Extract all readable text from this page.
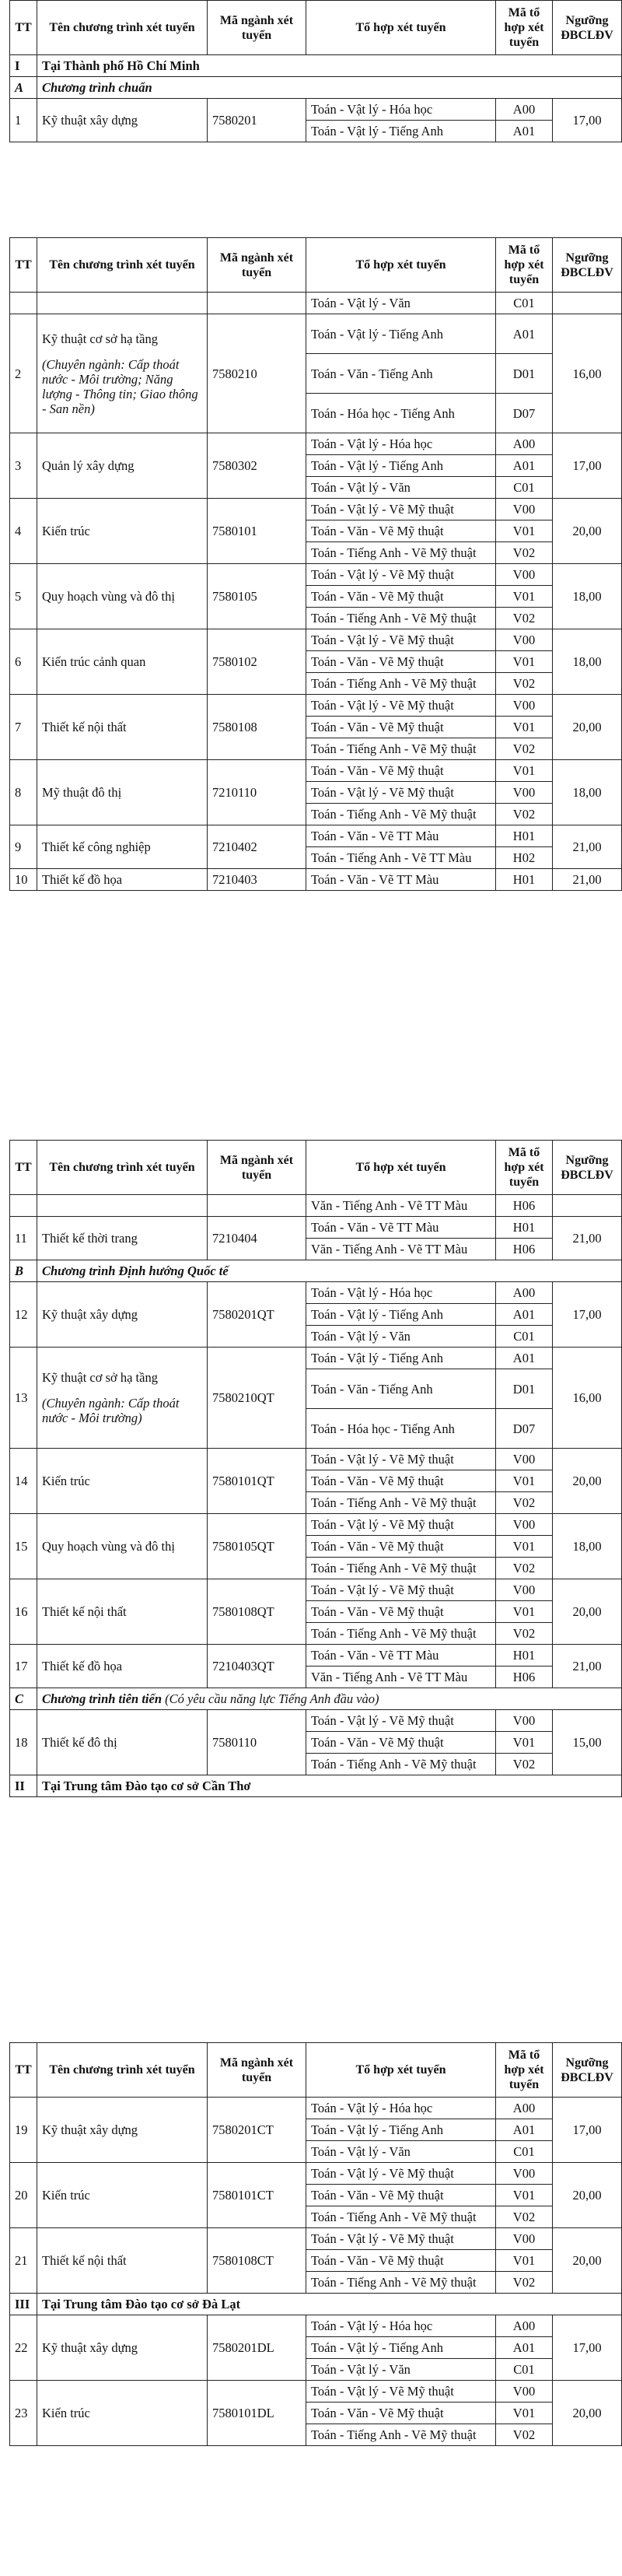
TT	Tên chương trình xét tuyển	Mã ngành xét tuyển	Tổ hợp xét tuyển	Mã tổ hợp xét tuyển	Ngưỡng ĐBCLĐV
I	Tại Thành phố Hồ Chí Minh				
A	Chương trình chuẩn				
1	Kỹ thuật xây dựng	7580201	Toán - Vật lý - Hóa học	A00	17,00
			Toán - Vật lý - Tiếng Anh	A01	
TT	Tên chương trình xét tuyển	Mã ngành xét tuyển	Tổ hợp xét tuyển	Mã tổ hợp xét tuyển	Ngưỡng ĐBCLĐV
			Toán - Vật lý - Văn	C01	
2	Kỹ thuật cơ sở hạ tầng
(Chuyên ngành: Cấp thoát nước - Môi trường; Năng lượng - Thông tin; Giao thông - San nền)	7580210	Toán - Vật lý - Tiếng Anh	A01	16,00
			Toán - Văn - Tiếng Anh	D01	
			Toán - Hóa học - Tiếng Anh	D07	
3	Quản lý xây dựng	7580302	Toán - Vật lý - Hóa học	A00	17,00
			Toán - Vật lý - Tiếng Anh	A01	
			Toán - Vật lý - Văn	C01	
4	Kiến trúc	7580101	Toán - Vật lý - Vẽ Mỹ thuật	V00	20,00
			Toán - Văn - Vẽ Mỹ thuật	V01	
			Toán - Tiếng Anh - Vẽ Mỹ thuật	V02	
5	Quy hoạch vùng và đô thị	7580105	Toán - Vật lý - Vẽ Mỹ thuật	V00	18,00
			Toán - Văn - Vẽ Mỹ thuật	V01	
			Toán - Tiếng Anh - Vẽ Mỹ thuật	V02	
6	Kiến trúc cảnh quan	7580102	Toán - Vật lý - Vẽ Mỹ thuật	V00	18,00
			Toán - Văn - Vẽ Mỹ thuật	V01	
			Toán - Tiếng Anh - Vẽ Mỹ thuật	V02	
7	Thiết kế nội thất	7580108	Toán - Vật lý - Vẽ Mỹ thuật	V00	20,00
			Toán - Văn - Vẽ Mỹ thuật	V01	
			Toán - Tiếng Anh - Vẽ Mỹ thuật	V02	
8	Mỹ thuật đô thị	7210110	Toán - Văn - Vẽ Mỹ thuật	V01	18,00
			Toán - Vật lý - Vẽ Mỹ thuật	V00	
			Toán - Tiếng Anh - Vẽ Mỹ thuật	V02	
9	Thiết kế công nghiệp	7210402	Toán - Văn - Vẽ TT Màu	H01	21,00
			Toán - Tiếng Anh - Vẽ TT Màu	H02	
10	Thiết kế đồ họa	7210403	Toán - Văn - Vẽ TT Màu	H01	21,00
TT	Tên chương trình xét tuyển	Mã ngành xét tuyển	Tổ hợp xét tuyển	Mã tổ hợp xét tuyển	Ngưỡng ĐBCLĐV
			Văn - Tiếng Anh - Vẽ TT Màu	H06	
11	Thiết kế thời trang	7210404	Toán - Văn - Vẽ TT Màu	H01	21,00
			Văn - Tiếng Anh - Vẽ TT Màu	H06	
B	Chương trình Định hướng Quốc tế				
12	Kỹ thuật xây dựng	7580201QT	Toán - Vật lý - Hóa học	A00	17,00
			Toán - Vật lý - Tiếng Anh	A01	
			Toán - Vật lý - Văn	C01	
13	Kỹ thuật cơ sở hạ tầng
(Chuyên ngành: Cấp thoát nước - Môi trường)	7580210QT	Toán - Vật lý - Tiếng Anh	A01	16,00
			Toán - Văn - Tiếng Anh	D01	
			Toán - Hóa học - Tiếng Anh	D07	
14	Kiến trúc	7580101QT	Toán - Vật lý - Vẽ Mỹ thuật	V00	20,00
			Toán - Văn - Vẽ Mỹ thuật	V01	
			Toán - Tiếng Anh - Vẽ Mỹ thuật	V02	
15	Quy hoạch vùng và đô thị	7580105QT	Toán - Vật lý - Vẽ Mỹ thuật	V00	18,00
			Toán - Văn - Vẽ Mỹ thuật	V01	
			Toán - Tiếng Anh - Vẽ Mỹ thuật	V02	
16	Thiết kế nội thất	7580108QT	Toán - Vật lý - Vẽ Mỹ thuật	V00	20,00
			Toán - Văn - Vẽ Mỹ thuật	V01	
			Toán - Tiếng Anh - Vẽ Mỹ thuật	V02	
17	Thiết kế đồ họa	7210403QT	Toán - Văn - Vẽ TT Màu	H01	21,00
			Văn - Tiếng Anh - Vẽ TT Màu	H06	
C	Chương trình tiên tiến (Có yêu cầu năng lực Tiếng Anh đầu vào)				
18	Thiết kế đô thị	7580110	Toán - Vật lý - Vẽ Mỹ thuật	V00	15,00
			Toán - Văn - Vẽ Mỹ thuật	V01	
			Toán - Tiếng Anh - Vẽ Mỹ thuật	V02	
II	Tại Trung tâm Đào tạo cơ sở Cần Thơ				
TT	Tên chương trình xét tuyển	Mã ngành xét tuyển	Tổ hợp xét tuyển	Mã tổ hợp xét tuyển	Ngưỡng ĐBCLĐV
19	Kỹ thuật xây dựng	7580201CT	Toán - Vật lý - Hóa học	A00	17,00
			Toán - Vật lý - Tiếng Anh	A01	
			Toán - Vật lý - Văn	C01	
20	Kiến trúc	7580101CT	Toán - Vật lý - Vẽ Mỹ thuật	V00	20,00
			Toán - Văn - Vẽ Mỹ thuật	V01	
			Toán - Tiếng Anh - Vẽ Mỹ thuật	V02	
21	Thiết kế nội thất	7580108CT	Toán - Vật lý - Vẽ Mỹ thuật	V00	20,00
			Toán - Văn - Vẽ Mỹ thuật	V01	
			Toán - Tiếng Anh - Vẽ Mỹ thuật	V02	
III	Tại Trung tâm Đào tạo cơ sở Đà Lạt				
22	Kỹ thuật xây dựng	7580201DL	Toán - Vật lý - Hóa học	A00	17,00
			Toán - Vật lý - Tiếng Anh	A01	
			Toán - Vật lý - Văn	C01	
23	Kiến trúc	7580101DL	Toán - Vật lý - Vẽ Mỹ thuật	V00	20,00
			Toán - Văn - Vẽ Mỹ thuật	V01	
			Toán - Tiếng Anh - Vẽ Mỹ thuật	V02	
